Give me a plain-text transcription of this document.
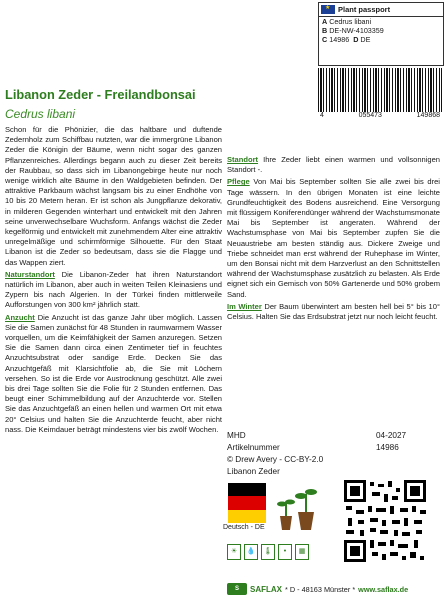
★
Plant passport
A Cedrus libani
B DE-NW-4103359
C 14986 D DE
4	055473	149868
Libanon Zeder - Freilandbonsai
Cedrus libani

Schon für die Phönizier, die das haltbare und duftende Zedernholz zum Schiffbau nutzten, war die immergrüne Libanon Zeder die Königin der Bäume, wenn nicht sogar des ganzen Pflanzenreiches. Allerdings begann auch zu dieser Zeit bereits der Raubbau, so dass sich im Libanongebirge heute nur noch wenige wirklich alte Bäume in den Waldgebieten befinden. Der attraktive Parkbaum wächst langsam bis zu einer Endhöhe von 10 bis 20 Metern heran. Er ist schon als Jungpflanze dekorativ, in milderen Gegenden winterhart und entwickelt mit den Jahren seine unverwechselbare Wuchsform. Anfangs wächst die Zeder kegelförmig und entwickelt mit zunehmendem Alter eine attraktiv unregelmäßige und schirmförmige Silhouette. Für den Staat Libanon ist die Zeder so bedeutsam, dass sie die Flagge und das Wappen ziert.

Naturstandort Die Libanon-Zeder hat ihren Naturstandort natürlich im Libanon, aber auch in weiten Teilen Kleinasiens und Zypern bis nach Algerien. In der Türkei finden mittlerweile Aufforstungen von 300 km² jährlich statt.

Anzucht Die Anzucht ist das ganze Jahr über möglich. Lassen Sie die Samen zunächst für 48 Stunden in raumwarmem Wasser vorquellen, um die Keimfähigkeit der Samen anzuregen. Setzen Sie die Samen dann circa einen Zentimeter tief in feuchtes Anzuchtsubstrat oder sandige Erde. Decken Sie das Anzuchtgefäß mit Klarsichtfolie ab, die Sie mit Löchern versehen. So ist die Erde vor Austrocknung geschützt. Alle zwei bis drei Tage sollten Sie die Folie für 2 Stunden entfernen. Das beugt einer Schimmelbildung auf der Anzuchterde vor. Stellen Sie das Anzuchtgefäß an einen hellen und warmen Ort mit etwa 20° Celsius und halten Sie die Anzuchterde feucht, aber nicht nass. Die Keimdauer beträgt mindestens vier bis zwölf Wochen.

Standort Ihre Zeder liebt einen warmen und vollsonnigen Standort -.

Pflege Von Mai bis September sollten Sie alle zwei bis drei Tage wässern. In den übrigen Monaten ist eine leichte Grundfeuchtigkeit des Bodens ausreichend. Eine Versorgung mit flüssigem Koniferendünger während der Wachstumsmonate Mai bis September ist angeraten. Während der Wachstumsphase von Mai bis September zupfen Sie die Neuaustriebe am besten ständig aus. Dickere Zweige und Triebe schneidet man erst während der Ruhephase im Winter, um den Bonsai nicht mit dem Harzverlust an den Schnittstellen während der Wachstumsphase zusätzlich zu belasten. Als Erde eignet sich ein Gemisch von 50% Gartenerde und 50% grobem Sand.

Im Winter Der Baum überwintert am besten hell bei 5° bis 10° Celsius. Halten Sie das Erdsubstrat jetzt nur noch leicht feucht.

MHD	04-2027
Artikelnummer	14986
© Drew Avery - CC-BY-2.0
Libanon Zeder
Deutsch - DE
☀	💧	🌡	•	▦
S	SAFLAX * D - 48163 Münster * www.saflax.de
